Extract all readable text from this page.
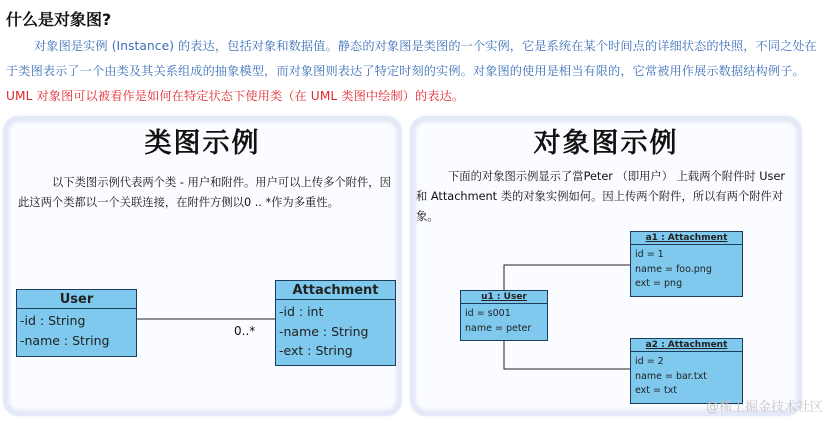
什么是对象图?
对象图是实例 (Instance) 的表达，包括对象和数据值。静态的对象图是类图的一个实例，它是系统在某个时间点的详细状态的快照，不同之处在于类图表示了一个由类及其关系组成的抽象模型，而对象图则表达了特定时刻的实例。对象图的使用是相当有限的，它常被用作展示数据结构例子。UML 对象图可以被看作是如何在特定状态下使用类（在 UML 类图中绘制）的表达。
类图示例
以下类图示例代表两个类 - 用户和附件。用户可以上传多个附件，因此这两个类都以一个关联连接，在附件方侧以0 .. *作为多重性。
对象图示例
下面的对象图示例显示了當Peter （即用户） 上载两个附件时 User 和 Attachment 类的对象实例如何。因上传两个附件，所以有两个附件对象。
User
-id : String
-name : String
Attachment
-id : int
-name : String
-ext : String
0..*
u1 : User
id = s001
name = peter
a1 : Attachment
id = 1
name = foo.png
ext = png
a2 : Attachment
id = 2
name = bar.txt
ext = txt
@稀土掘金技术社区
